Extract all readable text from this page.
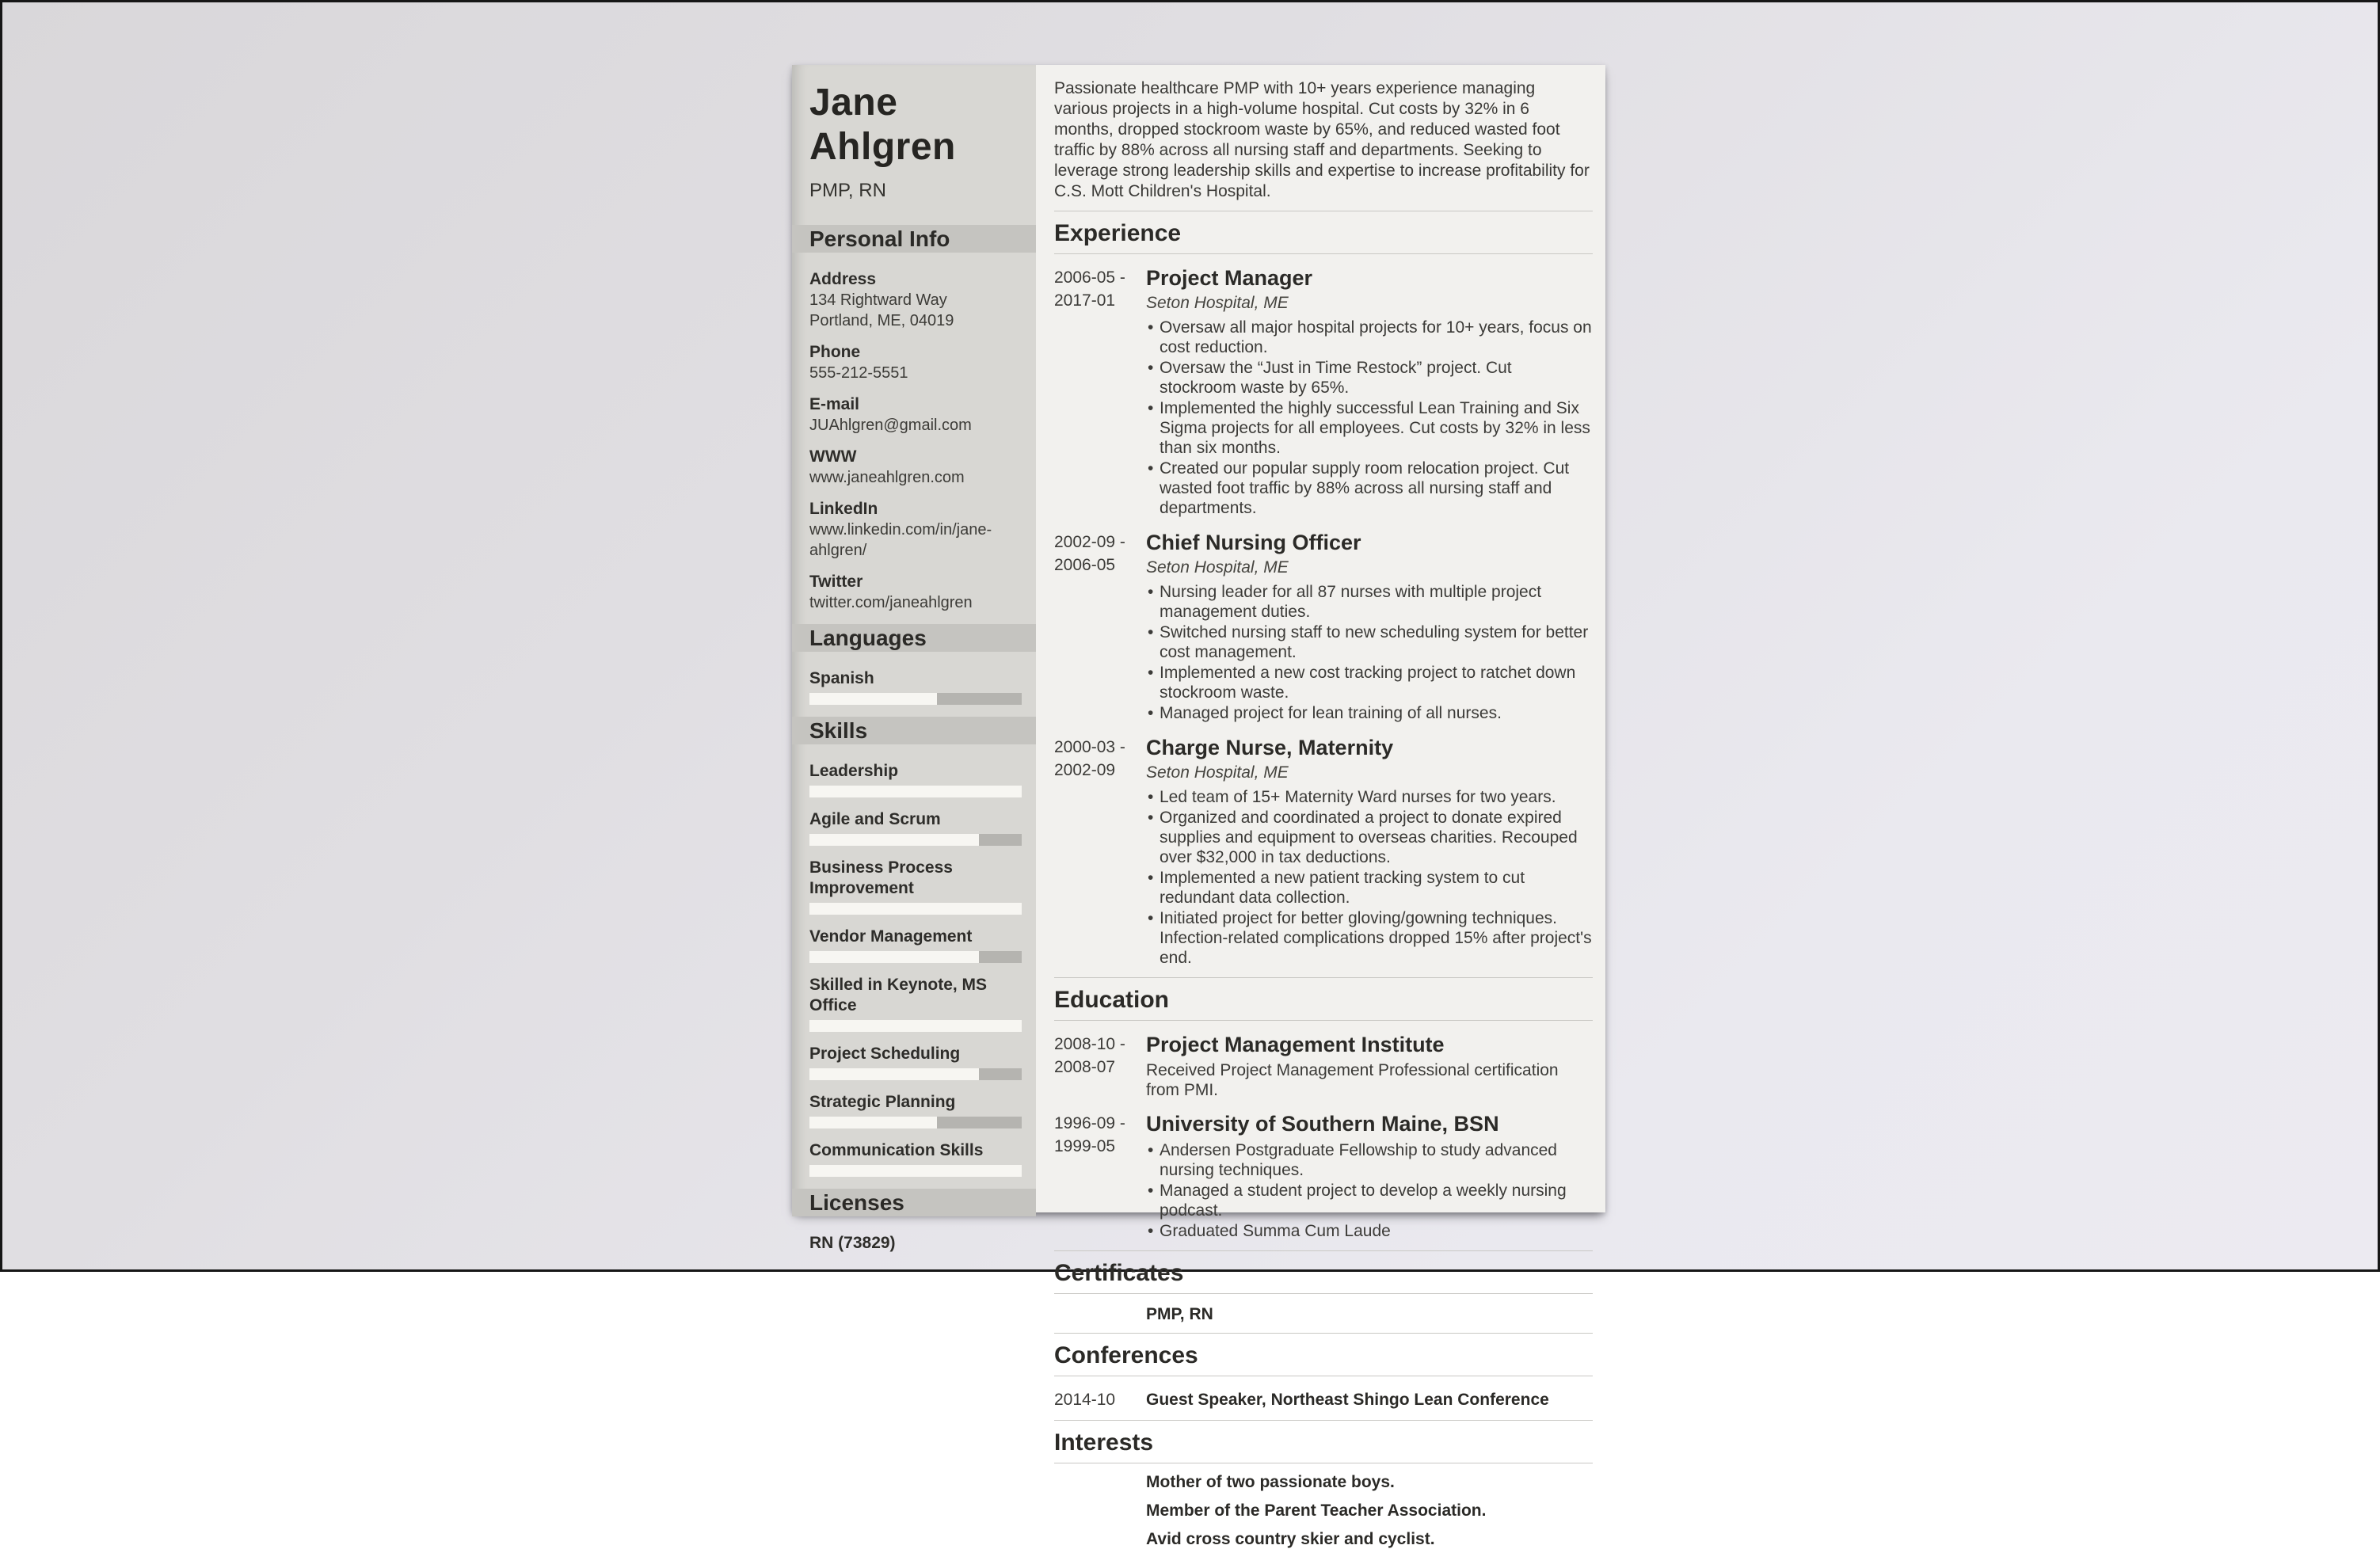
Jane
Ahlgren
PMP, RN
Personal Info
Address
134 Rightward Way
Portland, ME, 04019
Phone
555-212-5551
E-mail
JUAhlgren@gmail.com
WWW
www.janeahlgren.com
LinkedIn
www.linkedin.com/in/jane-ahlgren/
Twitter
twitter.com/janeahlgren
Languages
Spanish
Skills
Leadership
Agile and Scrum
Business Process Improvement
Vendor Management
Skilled in Keynote, MS Office
Project Scheduling
Strategic Planning
Communication Skills
Licenses
RN (73829)
Passionate healthcare PMP with 10+ years experience managing various projects in a high-volume hospital. Cut costs by 32% in 6 months, dropped stockroom waste by 65%, and reduced wasted foot traffic by 88% across all nursing staff and departments. Seeking to leverage strong leadership skills and expertise to increase profitability for C.S. Mott Children's Hospital.
Experience
2006-05 -
2017-01
Project Manager
Seton Hospital, ME
• Oversaw all major hospital projects for 10+ years, focus on cost reduction.
• Oversaw the “Just in Time Restock” project. Cut stockroom waste by 65%.
• Implemented the highly successful Lean Training and Six Sigma projects for all employees. Cut costs by 32% in less than six months.
• Created our popular supply room relocation project. Cut wasted foot traffic by 88% across all nursing staff and departments.
2002-09 -
2006-05
Chief Nursing Officer
Seton Hospital, ME
• Nursing leader for all 87 nurses with multiple project management duties.
• Switched nursing staff to new scheduling system for better cost management.
• Implemented a new cost tracking project to ratchet down stockroom waste.
• Managed project for lean training of all nurses.
2000-03 -
2002-09
Charge Nurse, Maternity
Seton Hospital, ME
• Led team of 15+ Maternity Ward nurses for two years.
• Organized and coordinated a project to donate expired supplies and equipment to overseas charities. Recouped over $32,000 in tax deductions.
• Implemented a new patient tracking system to cut redundant data collection.
• Initiated project for better gloving/gowning techniques. Infection-related complications dropped 15% after project's end.
Education
2008-10 -
2008-07
Project Management Institute
Received Project Management Professional certification from PMI.
1996-09 -
1999-05
University of Southern Maine, BSN
• Andersen Postgraduate Fellowship to study advanced nursing techniques.
• Managed a student project to develop a weekly nursing podcast.
• Graduated Summa Cum Laude
Certificates
PMP, RN
Conferences
2014-10	Guest Speaker, Northeast Shingo Lean Conference
Interests
Mother of two passionate boys.
Member of the Parent Teacher Association.
Avid cross country skier and cyclist.
